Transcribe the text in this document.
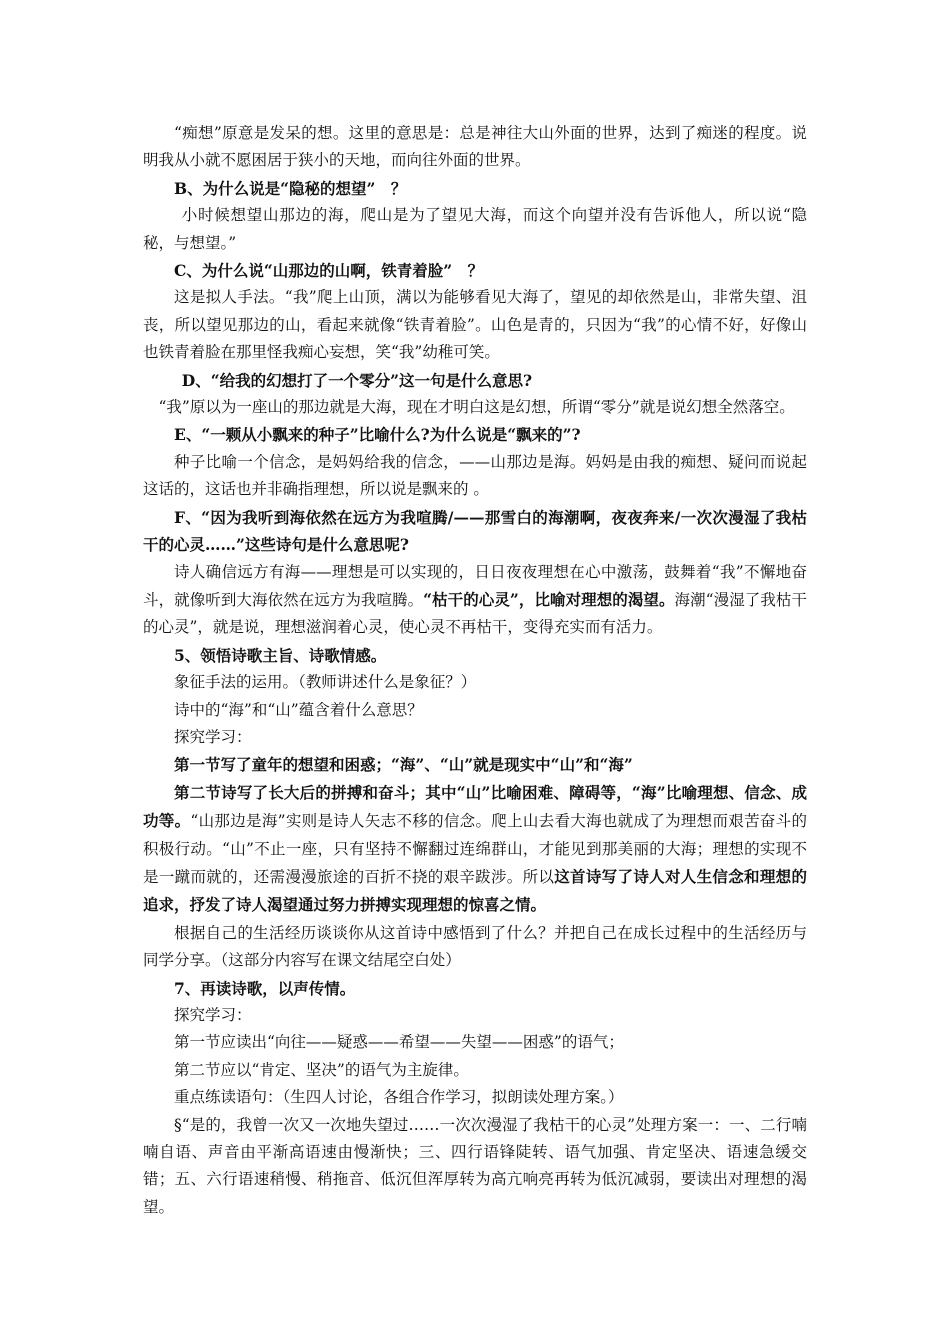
“痴想”原意是发呆的想。这里的意思是：总是神往大山外面的世界，达到了痴迷的程度。说明我从小就不愿困居于狭小的天地，而向往外面的世界。

B、为什么说是“隐秘的想望”　？

小时候想望山那边的海，爬山是为了望见大海，而这个向望并没有告诉他人，所以说“隐秘，与想望。”

C、为什么说“山那边的山啊，铁青着脸”　？

这是拟人手法。“我”爬上山顶，满以为能够看见大海了，望见的却依然是山，非常失望、沮丧，所以望见那边的山，看起来就像“铁青着脸”。山色是青的，只因为“我”的心情不好，好像山也铁青着脸在那里怪我痴心妄想，笑“我”幼稚可笑。

D、“给我的幻想打了一个零分”这一句是什么意思?

“我”原以为一座山的那边就是大海，现在才明白这是幻想，所谓“零分”就是说幻想全然落空。

E、“一颗从小飘来的种子”比喻什么?为什么说是“飘来的”?

种子比喻一个信念，是妈妈给我的信念，——山那边是海。妈妈是由我的痴想、疑问而说起这话的，这话也并非确指理想，所以说是飘来的 。

F、“因为我听到海依然在远方为我喧腾/——那雪白的海潮啊，夜夜奔来/一次次漫湿了我枯干的心灵……”这些诗句是什么意思呢?

诗人确信远方有海——理想是可以实现的，日日夜夜理想在心中激荡，鼓舞着“我”不懈地奋斗，就像听到大海依然在远方为我喧腾。“枯干的心灵”，比喻对理想的渴望。海潮“漫湿了我枯干的心灵”，就是说，理想滋润着心灵，使心灵不再枯干，变得充实而有活力。

5、领悟诗歌主旨、诗歌情感。

象征手法的运用。（教师讲述什么是象征？）

诗中的“海”和“山”蕴含着什么意思？

探究学习：

第一节写了童年的想望和困惑；“海”、“山”就是现实中“山”和“海”

第二节诗写了长大后的拼搏和奋斗；其中“山”比喻困难、障碍等，“海”比喻理想、信念、成功等。“山那边是海”实则是诗人矢志不移的信念。爬上山去看大海也就成了为理想而艰苦奋斗的积极行动。“山”不止一座，只有坚持不懈翻过连绵群山，才能见到那美丽的大海；理想的实现不是一蹴而就的，还需漫漫旅途的百折不挠的艰辛跋涉。所以这首诗写了诗人对人生信念和理想的追求，抒发了诗人渴望通过努力拼搏实现理想的惊喜之情。

根据自己的生活经历谈谈你从这首诗中感悟到了什么？并把自己在成长过程中的生活经历与同学分享。（这部分内容写在课文结尾空白处）

7、再读诗歌，以声传情。

探究学习：

第一节应读出“向往——疑惑——希望——失望——困惑”的语气；

第二节应以“肯定、坚决”的语气为主旋律。

重点练读语句：（生四人讨论，各组合作学习，拟朗读处理方案。）

§“是的，我曾一次又一次地失望过……一次次漫湿了我枯干的心灵”处理方案一：一、二行喃喃自语、声音由平渐高语速由慢渐快；三、四行语锋陡转、语气加强、肯定坚决、语速急缓交错；五、六行语速稍慢、稍拖音、低沉但浑厚转为高亢响亮再转为低沉减弱，要读出对理想的渴望。
